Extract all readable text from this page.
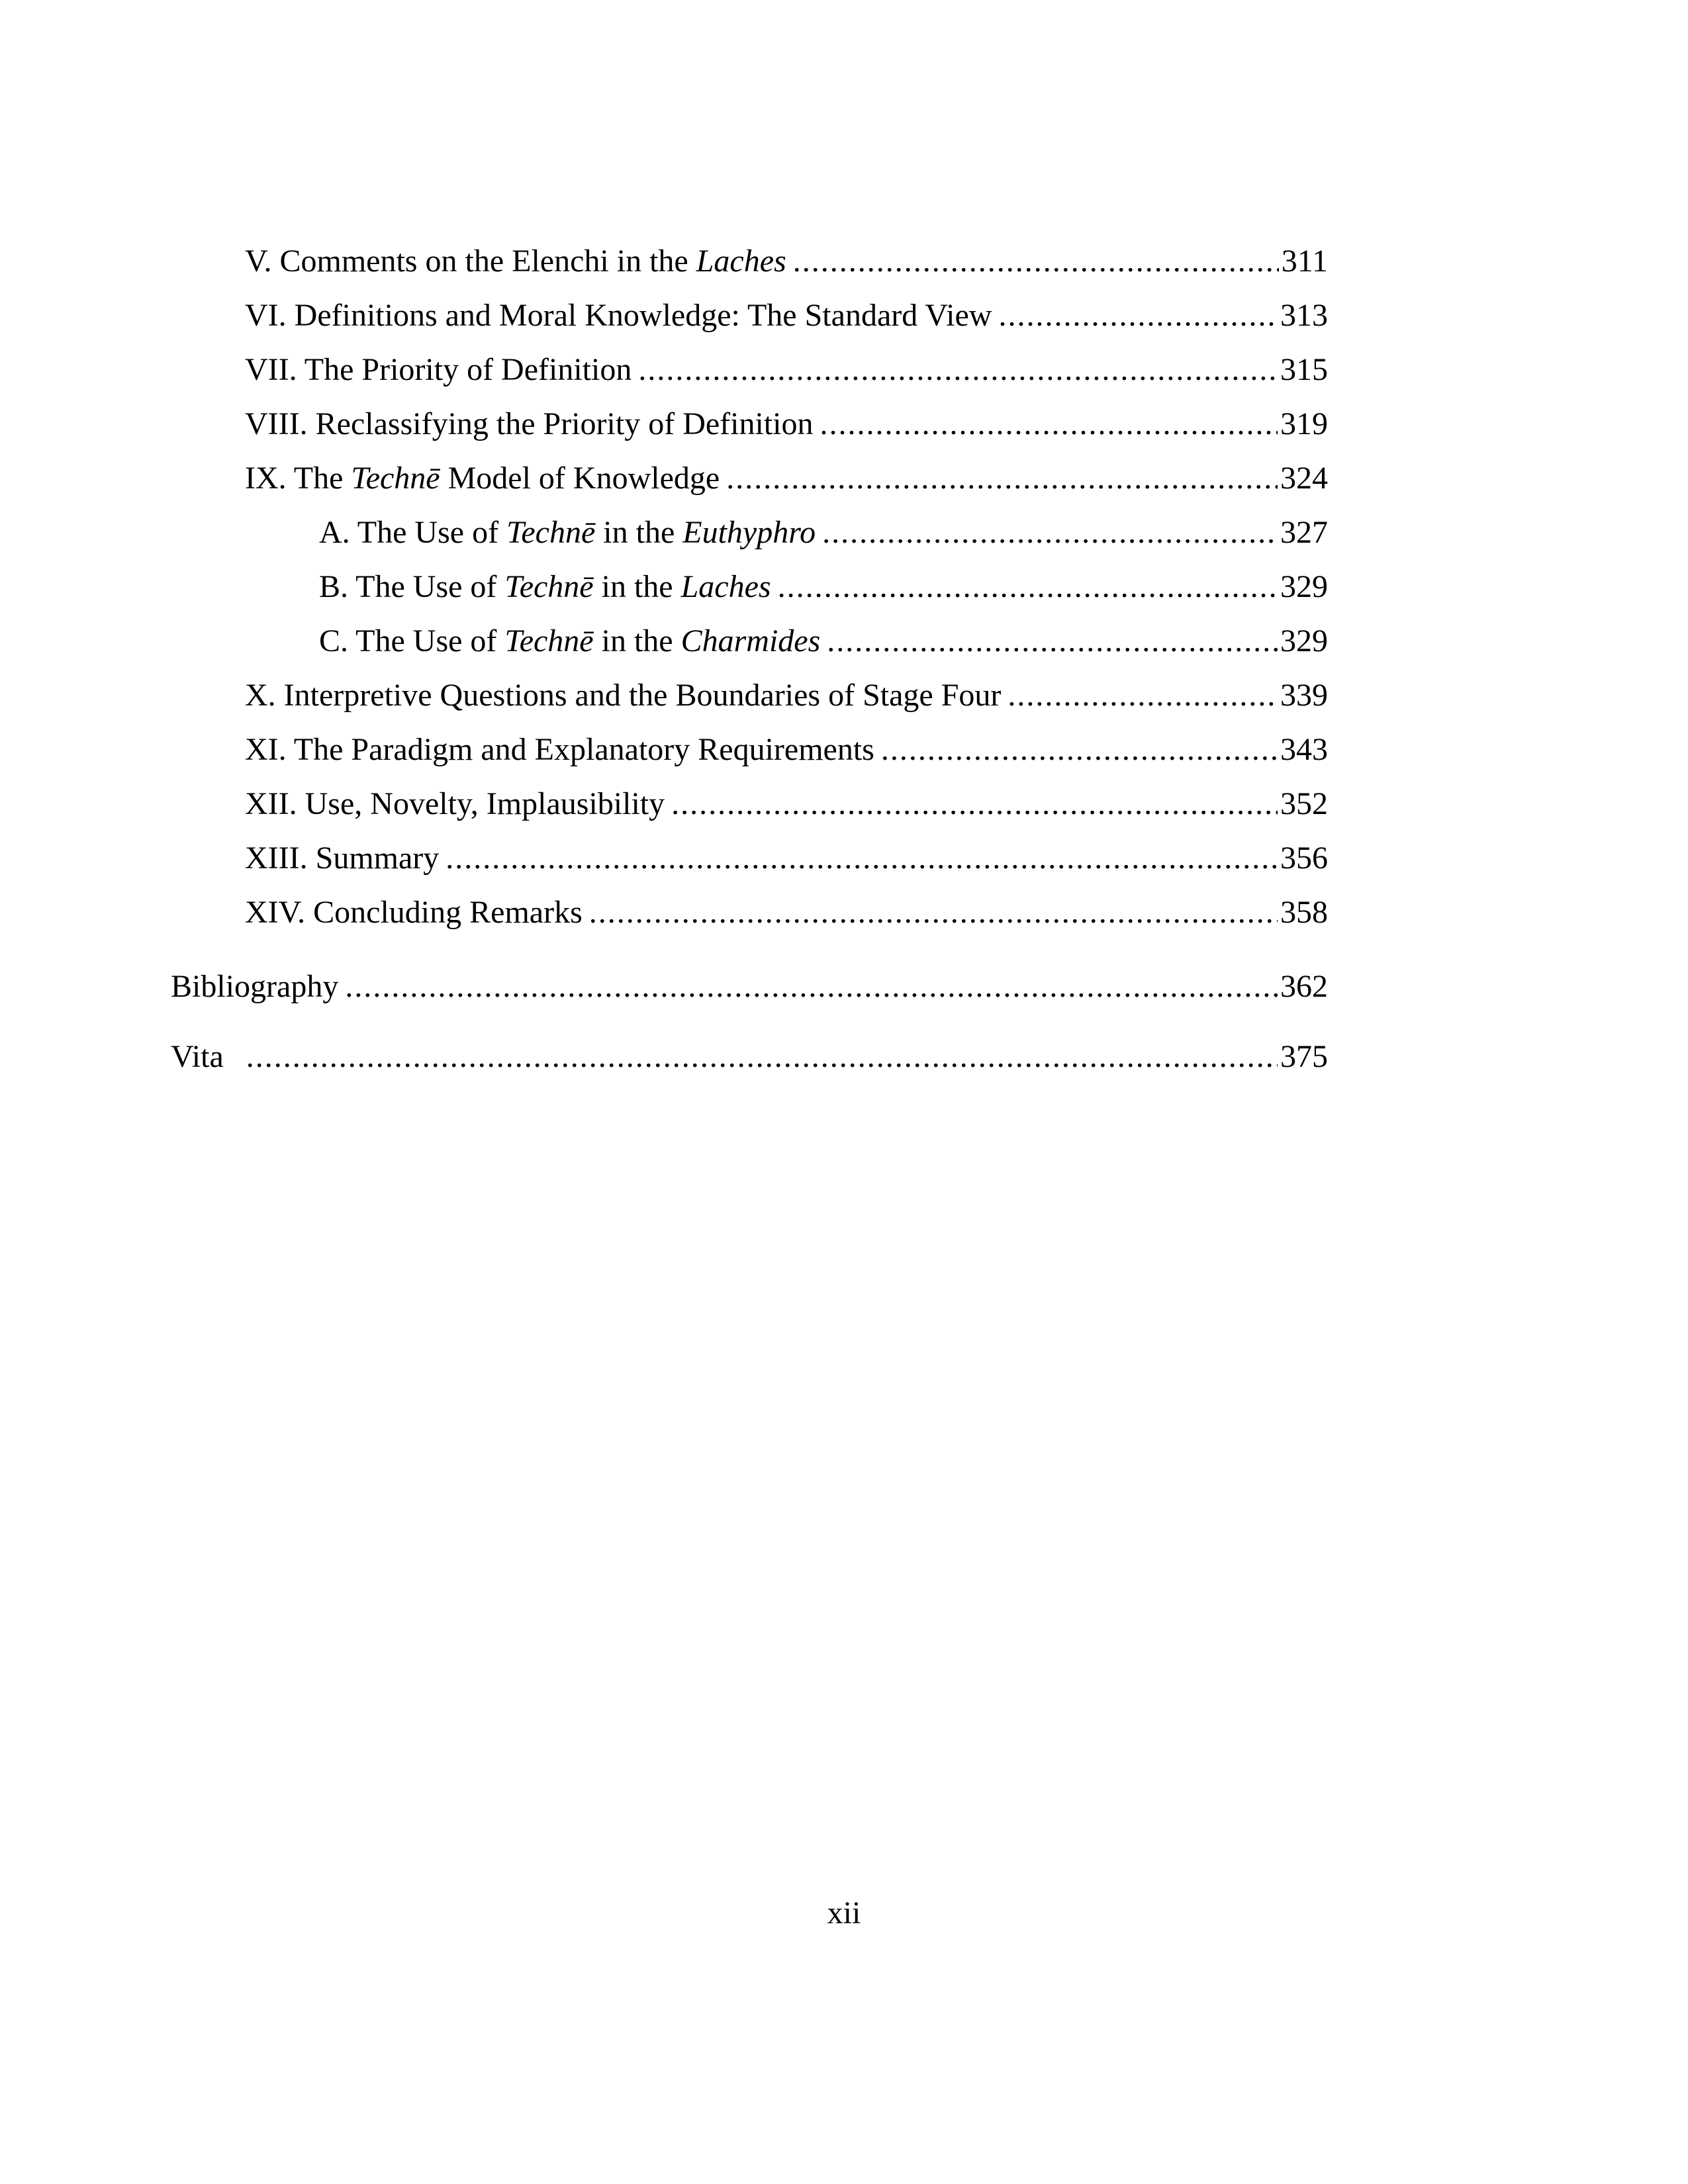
V. Comments on the Elenchi in the Laches .....	311
VI. Definitions and Moral Knowledge: The Standard View .....	313
VII. The Priority of Definition .....	315
VIII. Reclassifying the Priority of Definition .....	319
IX. The Technē Model of Knowledge .....	324
A. The Use of Technē in the Euthyphro .....	327
B. The Use of Technē in the Laches .....	329
C. The Use of Technē in the Charmides .....	329
X. Interpretive Questions and the Boundaries of Stage Four .....	339
XI. The Paradigm and Explanatory Requirements .....	343
XII. Use, Novelty, Implausibility .....	352
XIII. Summary .....	356
XIV. Concluding Remarks .....	358
Bibliography .....	362
Vita .....	375
xii
